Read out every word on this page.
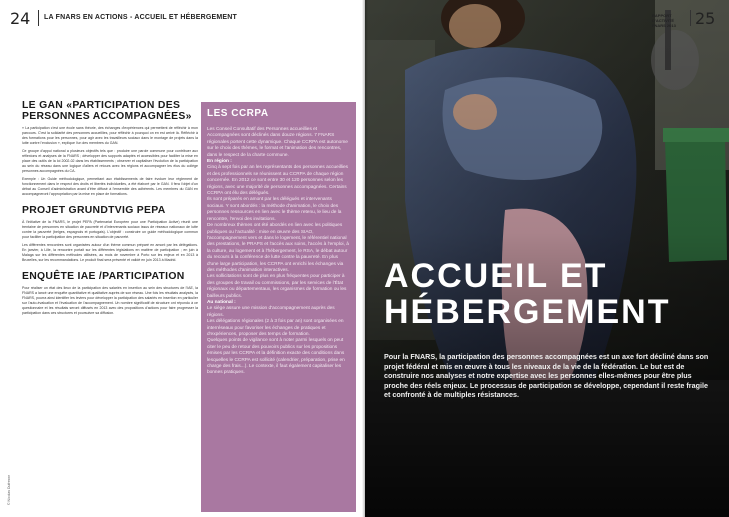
24 LA FNARS EN ACTIONS - ACCUEIL ET HÉBERGEMENT
LE GAN «PARTICIPATION DES PERSONNES ACCOMPAGNÉES»

« La participation c'est une école sans théorie, des échanges d'expériences qui permettent de réfléchir à mon parcours. C'est la solidarité des personnes accueillies, pour réfléchir à pourquoi on en est arrivé là. Réfléchir à des formations pour les personnes, pour agir avec les travailleurs sociaux dans le montage de projets dans la lutte contre l'exclusion », explique l'un des membres du GAN.

Ce groupe d'appui national a plusieurs objectifs tels que : produire une parole commune pour contribuer aux réflexions et analyses de la FNARS ; développer des supports adaptés et accessibles pour faciliter la mise en place des outils de la loi 2002-02 dans les établissements ; observer et capitaliser l'évolution de la participation au sein du réseau dans une logique d'allers et retours avec les régions et accompagner les élus du collège personnes accompagnées du CA.

Exemple : Un Guide méthodologique, permettant aux établissements de faire évoluer leur règlement de fonctionnement dans le respect des droits et libertés individuelles, a été élaboré par le GAN. Il fera l'objet d'un débat au Conseil d'administration avant d'être diffusé à l'ensemble des adhérents. Les membres du GAN en accompagneront l'appropriation par la mise en place de formations.

PROJET GRUNDTVIG PEPA

À l'initiative de la FNARS, le projet PEPA (Partenariat Européen pour une Participation Active) réunit une trentaine de personnes en situation de pauvreté et d'intervenants sociaux issus de réseaux nationaux de lutte contre la pauvreté (belges, espagnols et portugais). L'objectif : construire un guide méthodologique commun pour faciliter la participation des personnes en situation de pauvreté.

Les différentes rencontres sont organisées autour d'un thème commun préparé en amont par les délégations. En janvier, à Lille, la rencontre portait sur les différentes législations en matière de participation ; en juin à Malaga sur les différentes méthodes utilisées, au mois de novembre à Porto sur les enjeux et en 2013 à Bruxelles, sur les recommandations. Le produit final sera présenté et validé en juin 2013 à Madrid.

ENQUÊTE IAE /PARTICIPATION

Pour réaliser un état des lieux de la participation des salariés en insertion au sein des structures de l'IAE, la FNARS a lancé une enquête quantitative et qualitative auprès de son réseau. Une fois les résultats analysés, la FNARS, pourra ainsi identifier les leviers pour développer la participation des salariés en insertion en particulier sur l'auto-évaluation et l'évaluation de l'accompagnement. Un nombre significatif de structure ont répondu à ce questionnaire et les résultats seront diffusés en 2013 avec des propositions d'actions pour faire progresser la participation dans ces structures et poursuivre sa diffusion.

LES CCRPA

Les Conseil Consultatif des Personnes accueillies et Accompagnées sont déclinés dans douze régions. 7 FNARS régionales portent cette dynamique. Chaque CCRPA est autonome sur le choix des thèmes, le format et l'animation des rencontres, dans le respect de la charte commune.

En région :

Cinq à sept fois par an les représentants des personnes accueillies et des professionnels se réunissent au CCRPA de chaque région concernée. En 2012 ce sont entre 30 et 120 personnes selon les régions, avec une majorité de personnes accompagnées. Certains CCRPA ont élu des délégués.

Ils sont préparés en amont par les délégués et intervenants sociaux. Y sont abordés : la méthode d'animation, le choix des personnes ressources en lien avec le thème retenu, le lieu de la rencontre, l'envoi des invitations.

De nombreux thèmes ont été abordés en lien avec les politiques publiques ou l'actualité : mise en œuvre des SIAO, l'accompagnement vers et dans le logement, le référentiel national des prestations, le PRAPS et l'accès aux soins, l'accès à l'emploi, à la culture, au logement et à l'hébergement, le RSA, le débat autour du recours à la conférence de lutte contre la pauvreté. En plus d'une large participation, les CCRPA ont enrichi les échanges via des méthodes d'animation interactives.

Les sollicitations sont de plus en plus fréquentes pour participer à des groupes de travail ou commissions, par les services de l'État régionaux ou départementaux, les organismes de formation ou les bailleurs publics.

Au national :

Le siège assure une mission d'accompagnement auprès des régions.

Les délégations régionales (2 à 3 fois par an) sont organisées en interréseaux pour favoriser les échanges de pratiques et d'expériences, proposer des temps de formation.

Quelques points de vigilance sont à noter parmi lesquels on peut citer le peu de retour des pouvoirs publics sur les propositions émises par les CCRPA et la définition exacte des conditions dans lesquelles le CCRPA est sollicité (calendrier, préparation, prise en charge des frais...). Le contexte, il faut également capitaliser les bonnes pratiques.

© Nicolas Dufresne
RAPPORT
D'ACTIVITÉ
FNARS 2013 25
ACCUEIL ET
HÉBERGEMENT
Pour la FNARS, la participation des personnes accompagnées est un axe fort décliné dans son projet fédéral et mis en œuvre à tous les niveaux de la vie de la fédération. Le but est de construire nos analyses et notre expertise avec les personnes elles-mêmes pour être plus proche des réels enjeux. Le processus de participation se développe, cependant il reste fragile et confronté à de multiples résistances.
